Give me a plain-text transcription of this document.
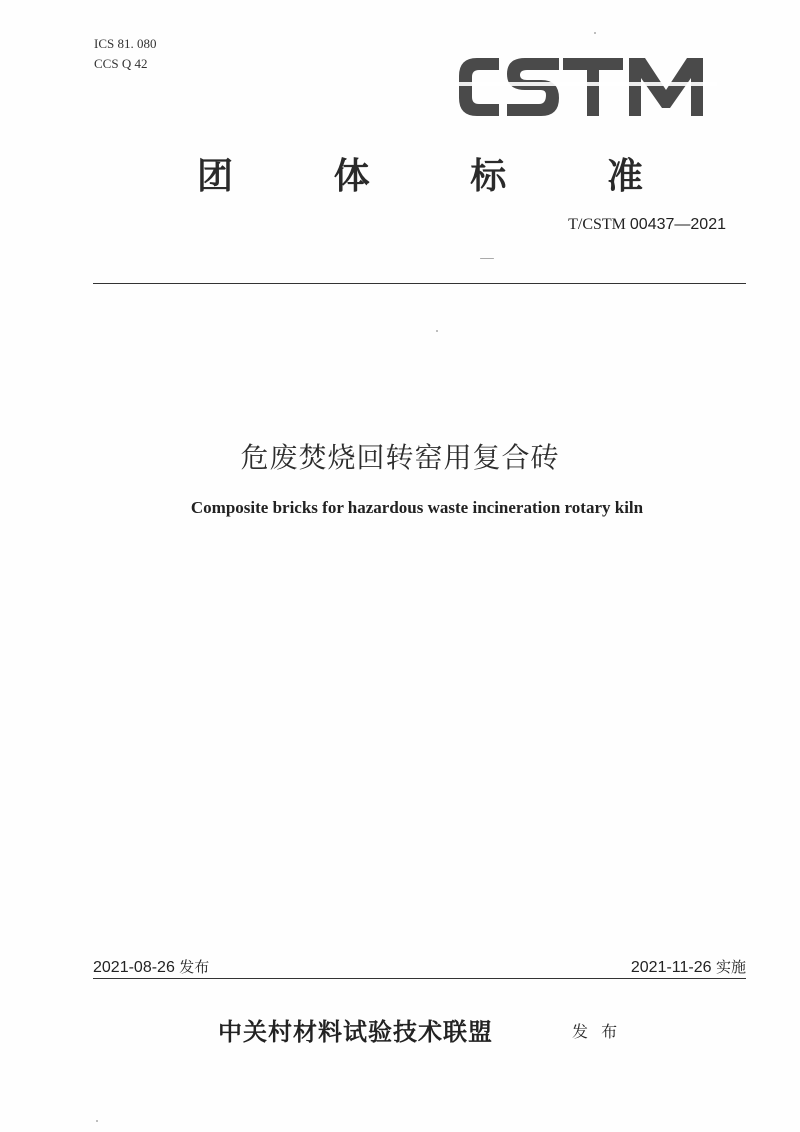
ICS 81. 080
CCS Q 42
团	体	标	准
T/CSTM 00437—2021
危废焚烧回转窑用复合砖
Composite bricks for hazardous waste incineration rotary kiln
2021-08-26 发布	2021-11-26 实施
中关村材料试验技术联盟	发 布
